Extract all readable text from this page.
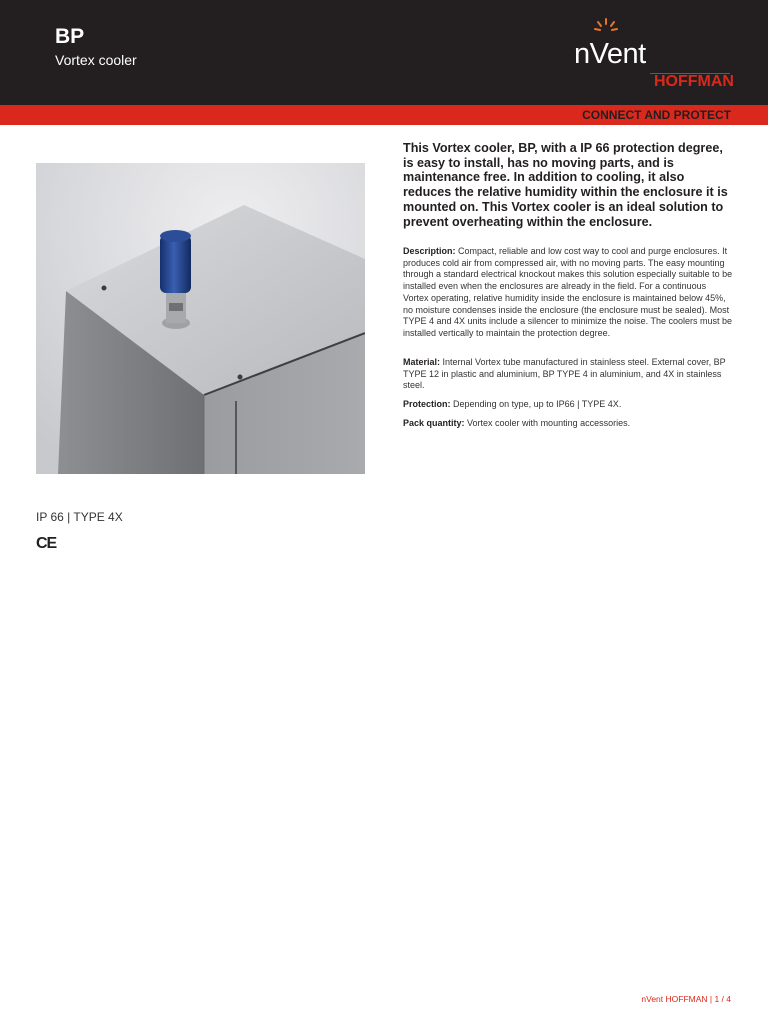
BP
Vortex cooler	nVent
HOFFMAN
CONNECT AND PROTECT
This Vortex cooler, BP, with a IP 66 protection degree, is easy to install, has no moving parts, and is maintenance free. In addition to cooling, it also reduces the relative humidity within the enclosure it is mounted on. This Vortex cooler is an ideal solution to prevent overheating within the enclosure.
Description: Compact, reliable and low cost way to cool and purge enclosures. It produces cold air from compressed air, with no moving parts. The easy mounting through a standard electrical knockout makes this solution especially suitable to be installed even when the enclosures are already in the field. For a continuous Vortex operating, relative humidity inside the enclosure is maintained below 45%, no moisture condenses inside the enclosure (the enclosure must be sealed). Most TYPE 4 and 4X units include a silencer to minimize the noise. The coolers must be installed vertically to maintain the protection degree.
Material: Internal Vortex tube manufactured in stainless steel. External cover, BP TYPE 12 in plastic and aluminium, BP TYPE 4 in aluminium, and 4X in stainless steel.
Protection: Depending on type, up to IP66 | TYPE 4X.
Pack quantity: Vortex cooler with mounting accessories.
IP 66 | TYPE 4X
CE
nVent HOFFMAN | 1 / 4
